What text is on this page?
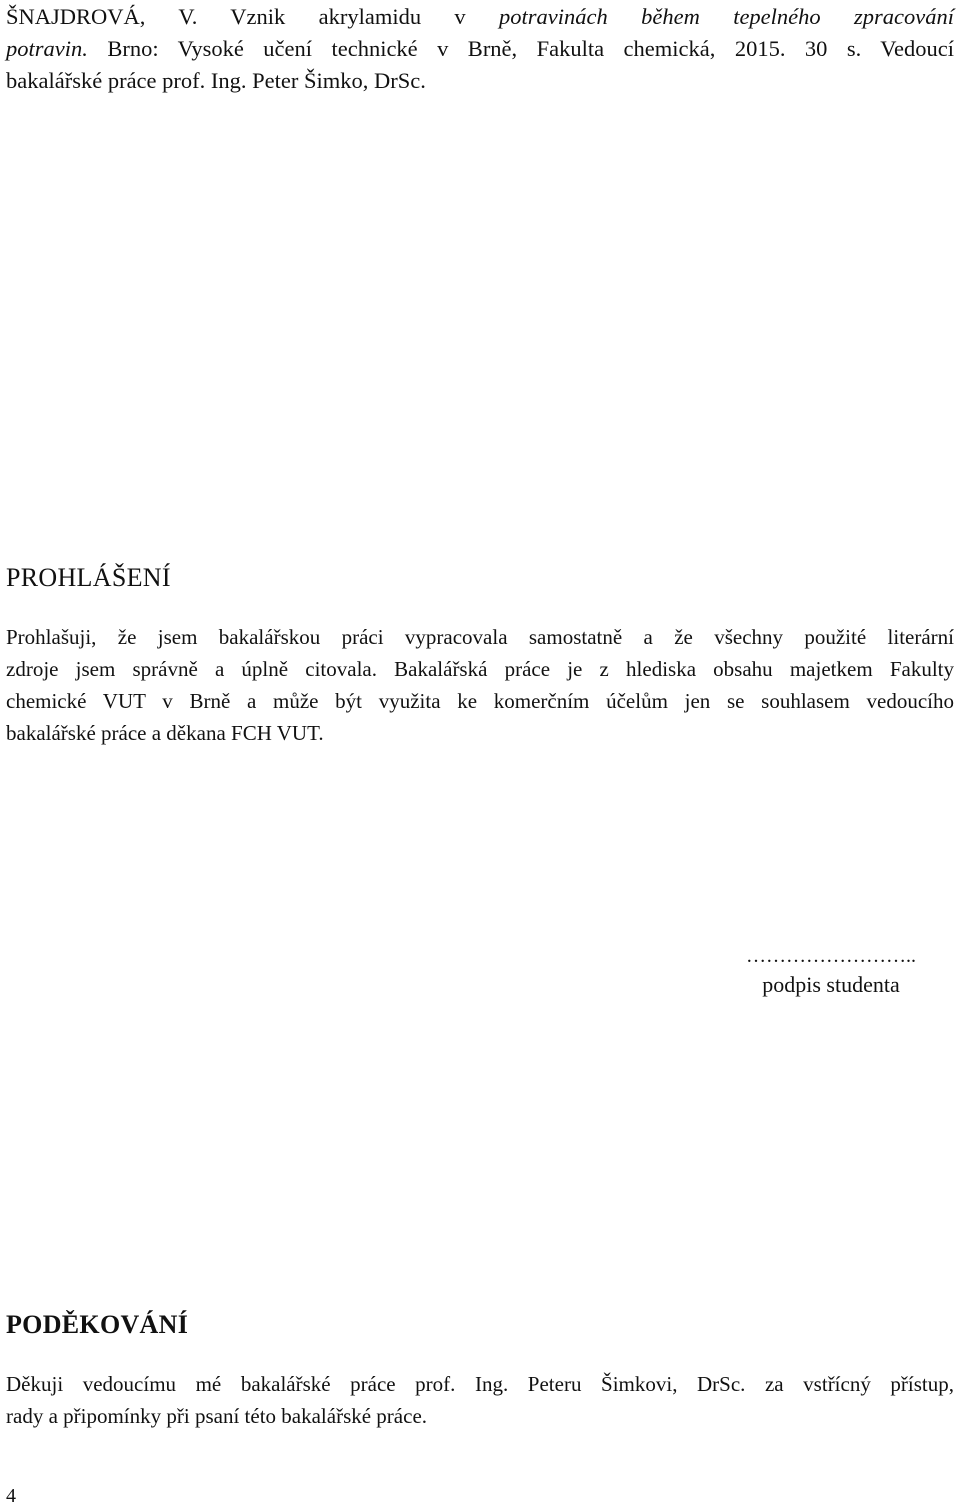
ŠNAJDROVÁ, V. Vznik akrylamidu v potravinách během tepelného zpracování
potravin. Brno: Vysoké učení technické v Brně, Fakulta chemická, 2015. 30 s. Vedoucí
bakalářské práce prof. Ing. Peter Šimko, DrSc.
PROHLÁŠENÍ

Prohlašuji, že jsem bakalářskou práci vypracovala samostatně a že všechny použité literární
zdroje jsem správně a úplně citovala. Bakalářská práce je z hlediska obsahu majetkem Fakulty
chemické VUT v Brně a může být využita ke komerčním účelům jen se souhlasem vedoucího
bakalářské práce a děkana FCH VUT.

……………………..
podpis studenta
PODĚKOVÁNÍ

Děkuji vedoucímu mé bakalářské práce prof. Ing. Peteru Šimkovi, DrSc. za vstřícný přístup,
rady a připomínky při psaní této bakalářské práce.

4
